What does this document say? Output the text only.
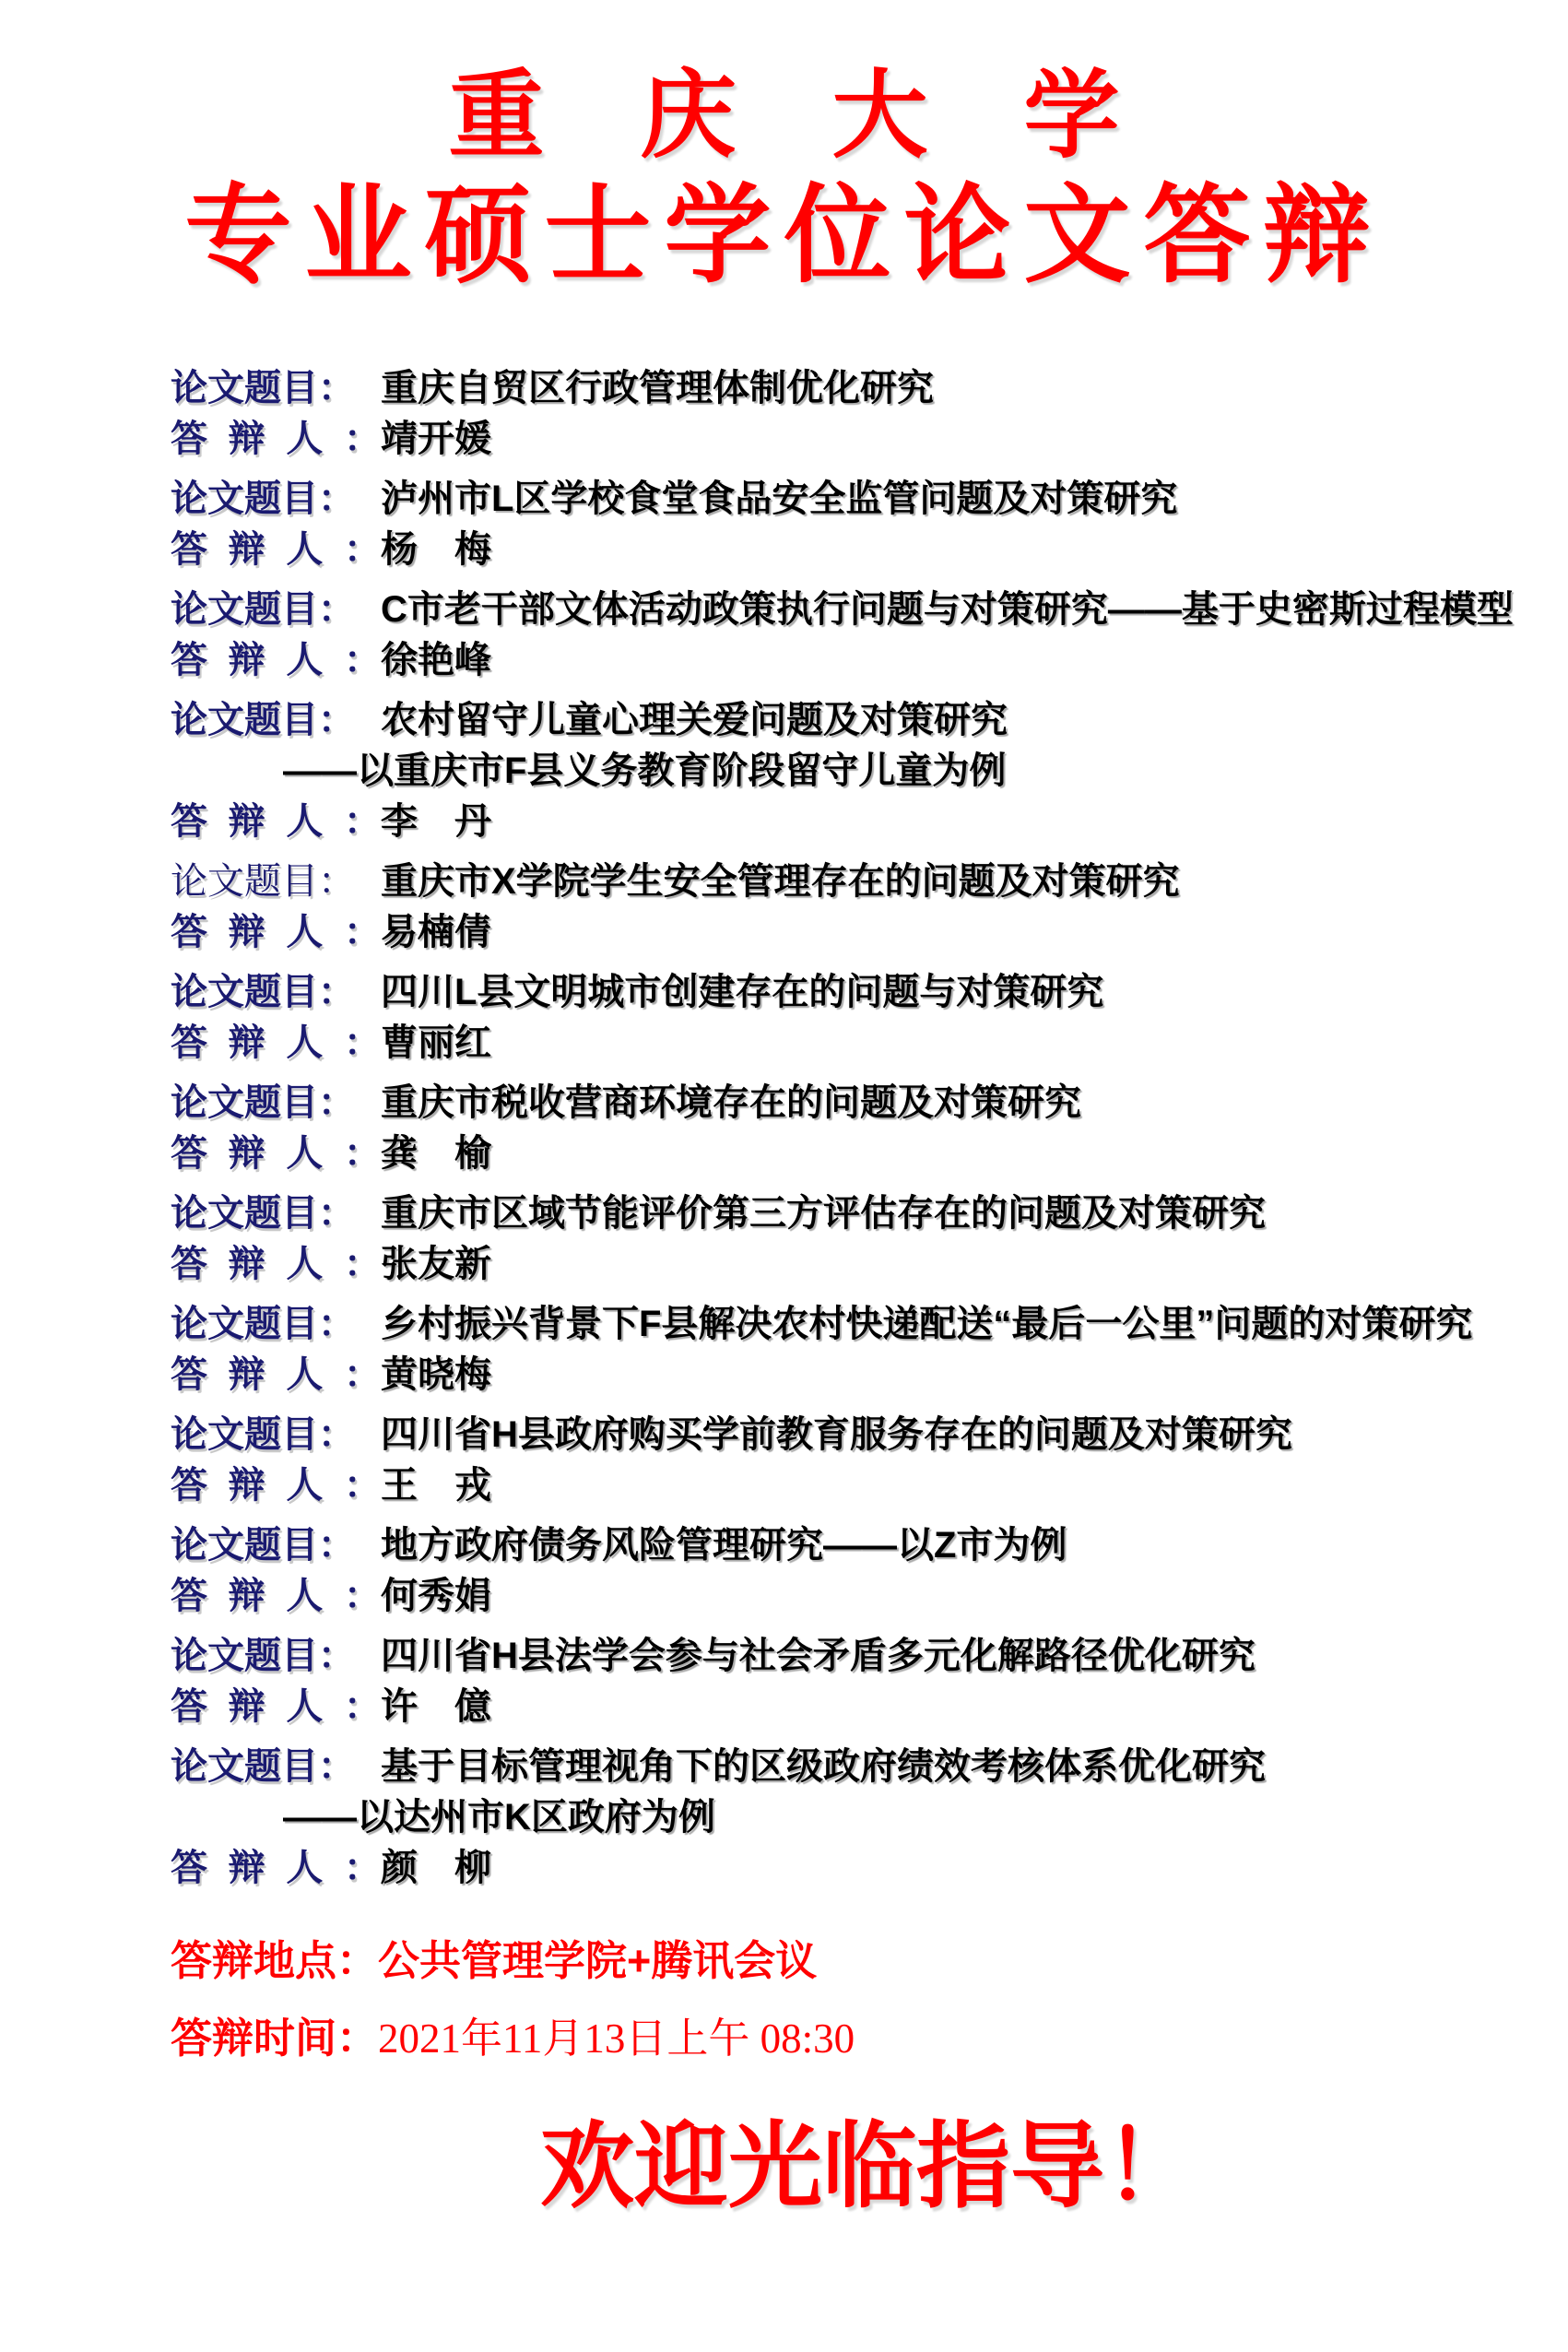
重　庆　大　学
专业硕士学位论文答辩
论文题目： 重庆自贸区行政管理体制优化研究
答辩人：靖开媛
论文题目： 泸州市L区学校食堂食品安全监管问题及对策研究
答辩人：杨　梅
论文题目： C市老干部文体活动政策执行问题与对策研究——基于史密斯过程模型
答辩人：徐艳峰
论文题目： 农村留守儿童心理关爱问题及对策研究
——以重庆市F县义务教育阶段留守儿童为例
答辩人：李　丹
论文题目： 重庆市X学院学生安全管理存在的问题及对策研究
答辩人：易楠倩
论文题目： 四川L县文明城市创建存在的问题与对策研究
答辩人：曹丽红
论文题目： 重庆市税收营商环境存在的问题及对策研究
答辩人：龚　榆
论文题目： 重庆市区域节能评价第三方评估存在的问题及对策研究
答辩人：张友新
论文题目： 乡村振兴背景下F县解决农村快递配送“最后一公里”问题的对策研究
答辩人：黄晓梅
论文题目： 四川省H县政府购买学前教育服务存在的问题及对策研究
答辩人：王　戎
论文题目： 地方政府债务风险管理研究——以Z市为例
答辩人：何秀娟
论文题目： 四川省H县法学会参与社会矛盾多元化解路径优化研究
答辩人：许　億
论文题目： 基于目标管理视角下的区级政府绩效考核体系优化研究
——以达州市K区政府为例
答辩人：颜　柳
答辩地点：公共管理学院+腾讯会议
答辩时间：2021年11月13日上午 08:30
欢迎光临指导！
